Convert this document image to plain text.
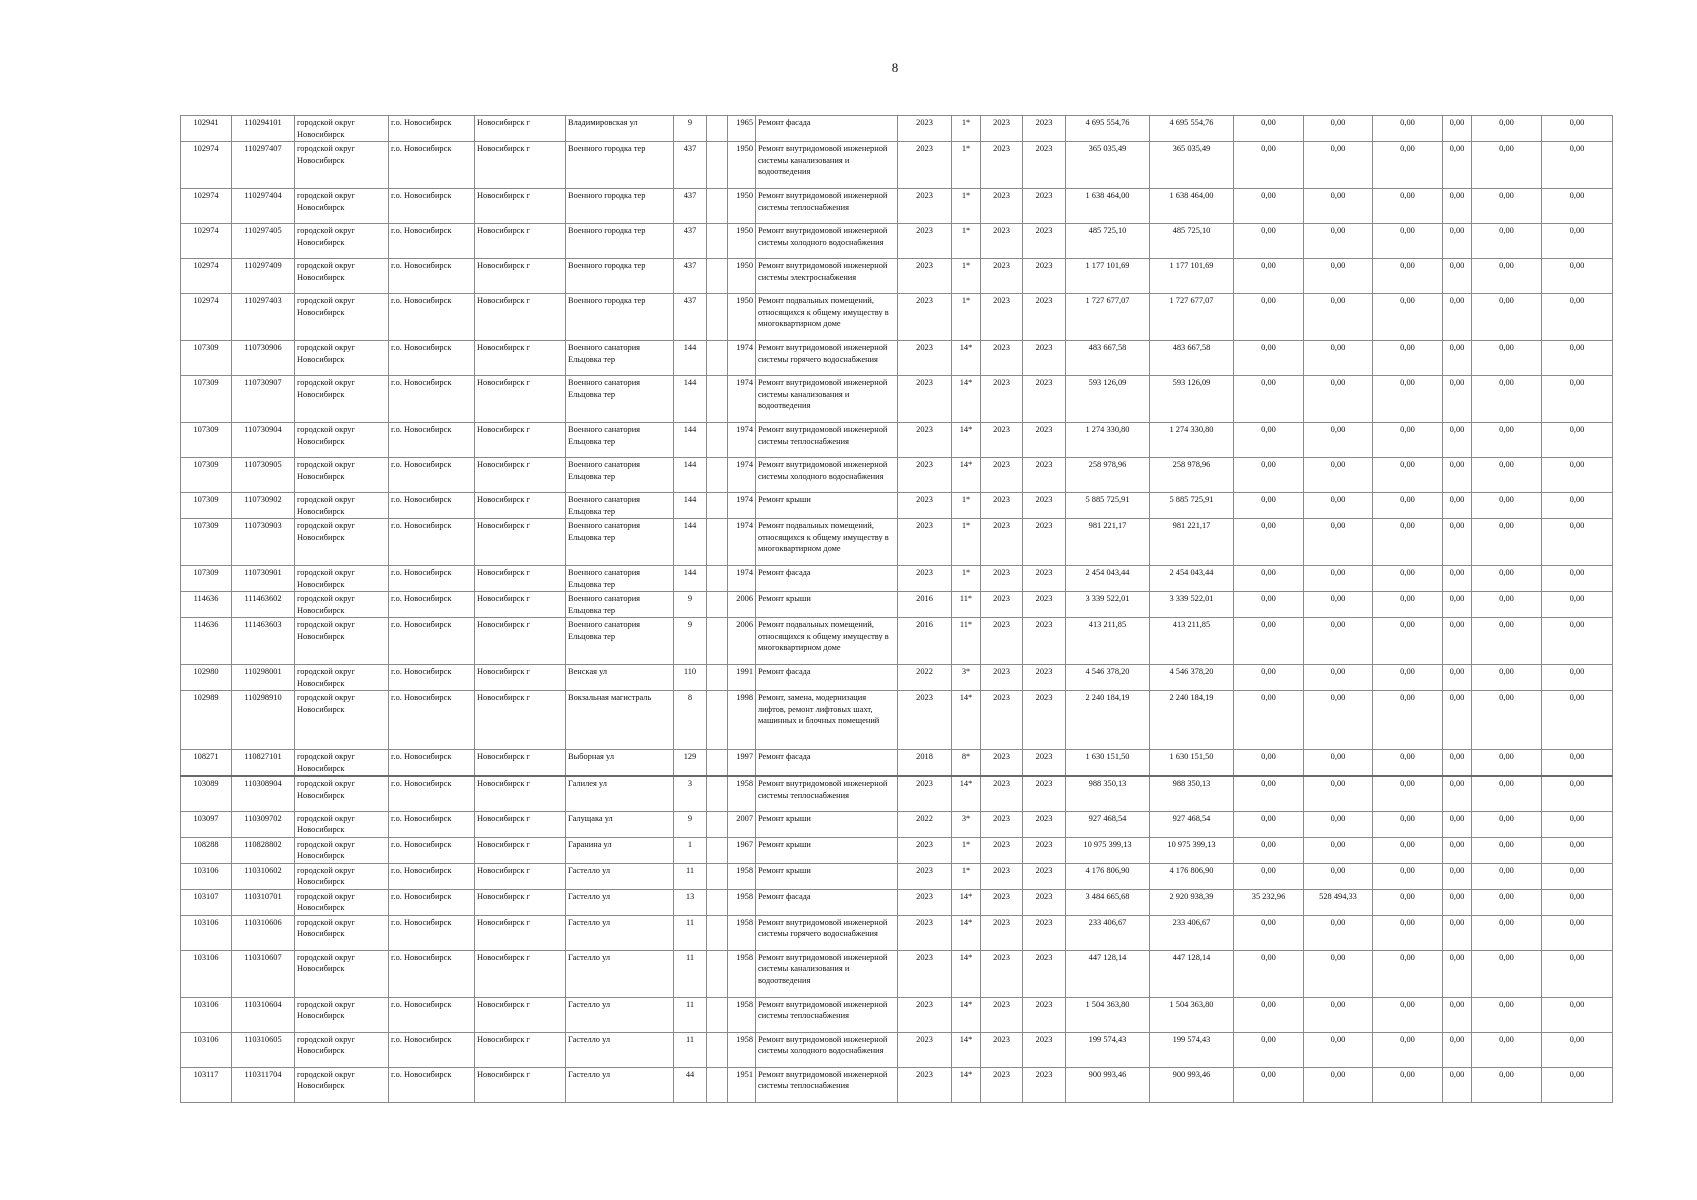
8
102941	110294101	городской округ Новосибирск	г.о. Новосибирск	Новосибирск г	Владимировская ул	9		1965	Ремонт фасада	2023	1*	2023	2023	4 695 554,76	4 695 554,76	0,00	0,00	0,00	0,00	0,00	0,00
102974	110297407	городской округ Новосибирск	г.о. Новосибирск	Новосибирск г	Военного городка тер	437		1950	Ремонт внутридомовой инженерной системы канализования и водоотведения	2023	1*	2023	2023	365 035,49	365 035,49	0,00	0,00	0,00	0,00	0,00	0,00
102974	110297404	городской округ Новосибирск	г.о. Новосибирск	Новосибирск г	Военного городка тер	437		1950	Ремонт внутридомовой инженерной системы теплоснабжения	2023	1*	2023	2023	1 638 464,00	1 638 464,00	0,00	0,00	0,00	0,00	0,00	0,00
102974	110297405	городской округ Новосибирск	г.о. Новосибирск	Новосибирск г	Военного городка тер	437		1950	Ремонт внутридомовой инженерной системы холодного водоснабжения	2023	1*	2023	2023	485 725,10	485 725,10	0,00	0,00	0,00	0,00	0,00	0,00
102974	110297409	городской округ Новосибирск	г.о. Новосибирск	Новосибирск г	Военного городка тер	437		1950	Ремонт внутридомовой инженерной системы электроснабжения	2023	1*	2023	2023	1 177 101,69	1 177 101,69	0,00	0,00	0,00	0,00	0,00	0,00
102974	110297403	городской округ Новосибирск	г.о. Новосибирск	Новосибирск г	Военного городка тер	437		1950	Ремонт подвальных помещений, относящихся к общему имуществу в многоквартирном доме	2023	1*	2023	2023	1 727 677,07	1 727 677,07	0,00	0,00	0,00	0,00	0,00	0,00
107309	110730906	городской округ Новосибирск	г.о. Новосибирск	Новосибирск г	Военного санатория Ельцовка тер	144		1974	Ремонт внутридомовой инженерной системы горячего водоснабжения	2023	14*	2023	2023	483 667,58	483 667,58	0,00	0,00	0,00	0,00	0,00	0,00
107309	110730907	городской округ Новосибирск	г.о. Новосибирск	Новосибирск г	Военного санатория Ельцовка тер	144		1974	Ремонт внутридомовой инженерной системы канализования и водоотведения	2023	14*	2023	2023	593 126,09	593 126,09	0,00	0,00	0,00	0,00	0,00	0,00
107309	110730904	городской округ Новосибирск	г.о. Новосибирск	Новосибирск г	Военного санатория Ельцовка тер	144		1974	Ремонт внутридомовой инженерной системы теплоснабжения	2023	14*	2023	2023	1 274 330,80	1 274 330,80	0,00	0,00	0,00	0,00	0,00	0,00
107309	110730905	городской округ Новосибирск	г.о. Новосибирск	Новосибирск г	Военного санатория Ельцовка тер	144		1974	Ремонт внутридомовой инженерной системы холодного водоснабжения	2023	14*	2023	2023	258 978,96	258 978,96	0,00	0,00	0,00	0,00	0,00	0,00
107309	110730902	городской округ Новосибирск	г.о. Новосибирск	Новосибирск г	Военного санатория Ельцовка тер	144		1974	Ремонт крыши	2023	1*	2023	2023	5 885 725,91	5 885 725,91	0,00	0,00	0,00	0,00	0,00	0,00
107309	110730903	городской округ Новосибирск	г.о. Новосибирск	Новосибирск г	Военного санатория Ельцовка тер	144		1974	Ремонт подвальных помещений, относящихся к общему имуществу в многоквартирном доме	2023	1*	2023	2023	981 221,17	981 221,17	0,00	0,00	0,00	0,00	0,00	0,00
107309	110730901	городской округ Новосибирск	г.о. Новосибирск	Новосибирск г	Военного санатория Ельцовка тер	144		1974	Ремонт фасада	2023	1*	2023	2023	2 454 043,44	2 454 043,44	0,00	0,00	0,00	0,00	0,00	0,00
114636	111463602	городской округ Новосибирск	г.о. Новосибирск	Новосибирск г	Военного санатория Ельцовка тер	9		2006	Ремонт крыши	2016	11*	2023	2023	3 339 522,01	3 339 522,01	0,00	0,00	0,00	0,00	0,00	0,00
114636	111463603	городской округ Новосибирск	г.о. Новосибирск	Новосибирск г	Военного санатория Ельцовка тер	9		2006	Ремонт подвальных помещений, относящихся к общему имуществу в многоквартирном доме	2016	11*	2023	2023	413 211,85	413 211,85	0,00	0,00	0,00	0,00	0,00	0,00
102980	110298001	городской округ Новосибирск	г.о. Новосибирск	Новосибирск г	Венская ул	110		1991	Ремонт фасада	2022	3*	2023	2023	4 546 378,20	4 546 378,20	0,00	0,00	0,00	0,00	0,00	0,00
102989	110298910	городской округ Новосибирск	г.о. Новосибирск	Новосибирск г	Вокзальная магистраль	8		1998	Ремонт, замена, модернизация лифтов, ремонт лифтовых шахт, машинных и блочных помещений	2023	14*	2023	2023	2 240 184,19	2 240 184,19	0,00	0,00	0,00	0,00	0,00	0,00
108271	110827101	городской округ Новосибирск	г.о. Новосибирск	Новосибирск г	Выборная ул	129		1997	Ремонт фасада	2018	8*	2023	2023	1 630 151,50	1 630 151,50	0,00	0,00	0,00	0,00	0,00	0,00
103089	110308904	городской округ Новосибирск	г.о. Новосибирск	Новосибирск г	Галилея ул	3		1958	Ремонт внутридомовой инженерной системы теплоснабжения	2023	14*	2023	2023	988 350,13	988 350,13	0,00	0,00	0,00	0,00	0,00	0,00
103097	110309702	городской округ Новосибирск	г.о. Новосибирск	Новосибирск г	Галущака ул	9		2007	Ремонт крыши	2022	3*	2023	2023	927 468,54	927 468,54	0,00	0,00	0,00	0,00	0,00	0,00
108288	110828802	городской округ Новосибирск	г.о. Новосибирск	Новосибирск г	Гаранина ул	1		1967	Ремонт крыши	2023	1*	2023	2023	10 975 399,13	10 975 399,13	0,00	0,00	0,00	0,00	0,00	0,00
103106	110310602	городской округ Новосибирск	г.о. Новосибирск	Новосибирск г	Гастелло ул	11		1958	Ремонт крыши	2023	1*	2023	2023	4 176 806,90	4 176 806,90	0,00	0,00	0,00	0,00	0,00	0,00
103107	110310701	городской округ Новосибирск	г.о. Новосибирск	Новосибирск г	Гастелло ул	13		1958	Ремонт фасада	2023	14*	2023	2023	3 484 665,68	2 920 938,39	35 232,96	528 494,33	0,00	0,00	0,00	0,00
103106	110310606	городской округ Новосибирск	г.о. Новосибирск	Новосибирск г	Гастелло ул	11		1958	Ремонт внутридомовой инженерной системы горячего водоснабжения	2023	14*	2023	2023	233 406,67	233 406,67	0,00	0,00	0,00	0,00	0,00	0,00
103106	110310607	городской округ Новосибирск	г.о. Новосибирск	Новосибирск г	Гастелло ул	11		1958	Ремонт внутридомовой инженерной системы канализования и водоотведения	2023	14*	2023	2023	447 128,14	447 128,14	0,00	0,00	0,00	0,00	0,00	0,00
103106	110310604	городской округ Новосибирск	г.о. Новосибирск	Новосибирск г	Гастелло ул	11		1958	Ремонт внутридомовой инженерной системы теплоснабжения	2023	14*	2023	2023	1 504 363,80	1 504 363,80	0,00	0,00	0,00	0,00	0,00	0,00
103106	110310605	городской округ Новосибирск	г.о. Новосибирск	Новосибирск г	Гастелло ул	11		1958	Ремонт внутридомовой инженерной системы холодного водоснабжения	2023	14*	2023	2023	199 574,43	199 574,43	0,00	0,00	0,00	0,00	0,00	0,00
103117	110311704	городской округ Новосибирск	г.о. Новосибирск	Новосибирск г	Гастелло ул	44		1951	Ремонт внутридомовой инженерной системы теплоснабжения	2023	14*	2023	2023	900 993,46	900 993,46	0,00	0,00	0,00	0,00	0,00	0,00
